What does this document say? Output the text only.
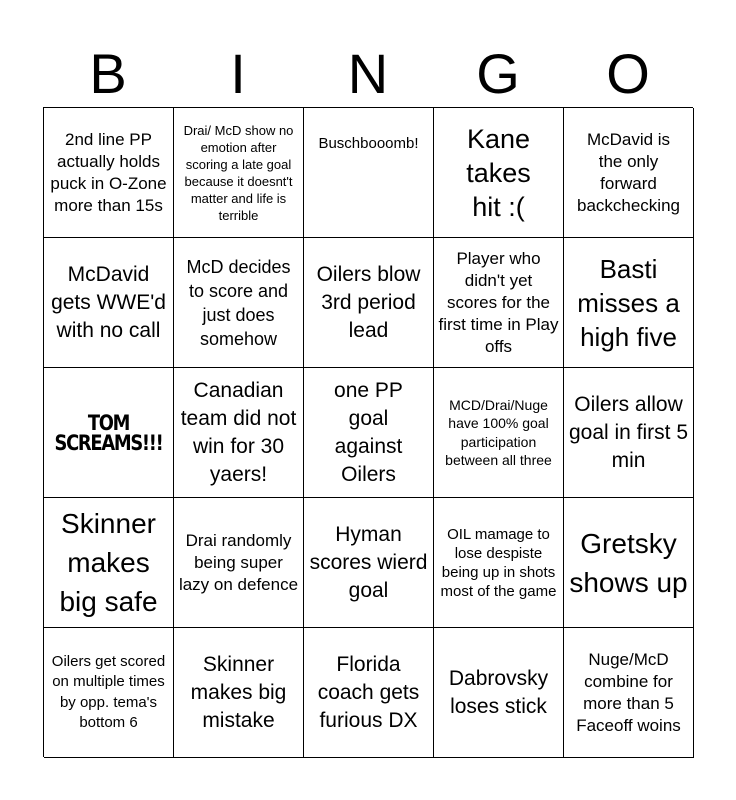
B	I	N	G	O
2nd line PP actually holds puck in O-Zone more than 15s
Drai/ McD show no emotion after scoring a late goal because it doesnt't matter and life is terrible
Buschbooomb!	Kane takes hit :(
McDavid is the only forward backchecking
McDavid gets WWE'd with no call
McD decides to score and just does somehow
Oilers blow 3rd period lead
Player who didn't yet scores for the first time in Play offs
Basti misses a high five
TOM SCREAMS!!!
Canadian team did not win for 30 yaers!
one PP goal against Oilers
MCD/Drai/Nuge have 100% goal participation between all three
Oilers allow goal in first 5 min
Skinner makes big safe
Drai randomly being super lazy on defence
Hyman scores wierd goal
OIL mamage to lose despiste being up in shots most of the game
Gretsky shows up
Oilers get scored on multiple times by opp. tema's bottom 6
Skinner makes big mistake
Florida coach gets furious DX
Dabrovsky loses stick
Nuge/McD combine for more than 5 Faceoff woins
